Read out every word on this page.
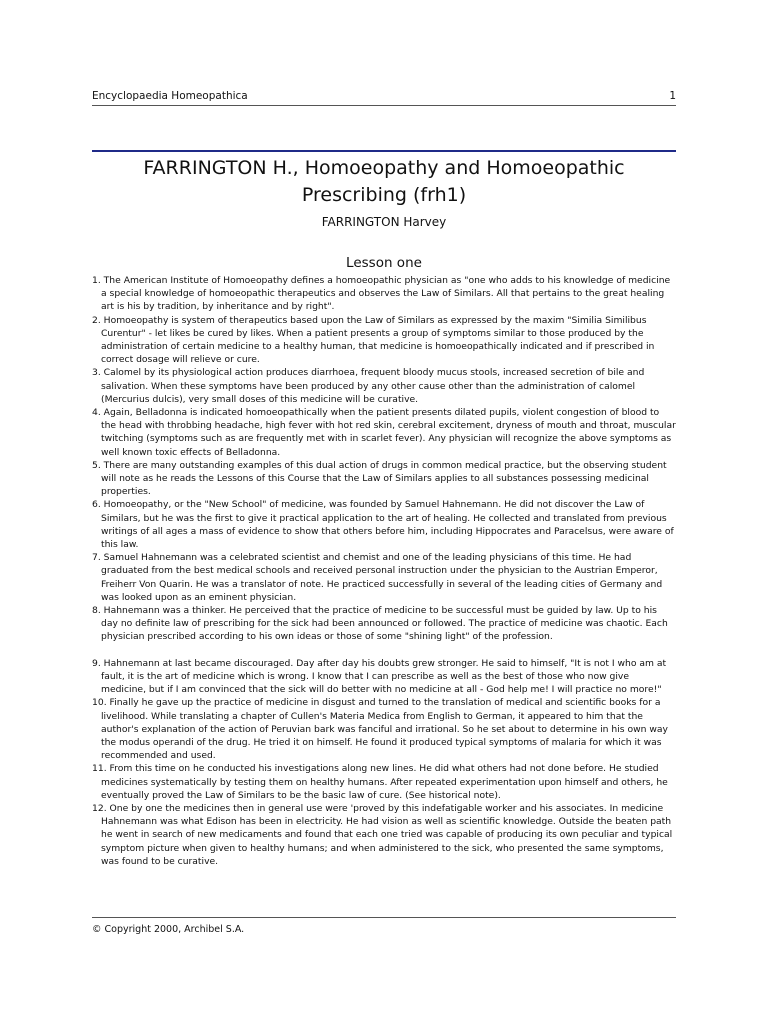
Encyclopaedia Homeopathica	1
FARRINGTON H., Homoeopathy and Homoeopathic Prescribing (frh1)
FARRINGTON Harvey
Lesson one

1. The American Institute of Homoeopathy defines a homoeopathic physician as "one who adds to his knowledge of medicine a special knowledge of homoeopathic therapeutics and observes the Law of Similars. All that pertains to the great healing art is his by tradition, by inheritance and by right".

2. Homoeopathy is system of therapeutics based upon the Law of Similars as expressed by the maxim "Similia Similibus Curentur" - let likes be cured by likes. When a patient presents a group of symptoms similar to those produced by the administration of certain medicine to a healthy human, that medicine is homoeopathically indicated and if prescribed in correct dosage will relieve or cure.

3. Calomel by its physiological action produces diarrhoea, frequent bloody mucus stools, increased secretion of bile and salivation. When these symptoms have been produced by any other cause other than the administration of calomel (Mercurius dulcis), very small doses of this medicine will be curative.

4. Again, Belladonna is indicated homoeopathically when the patient presents dilated pupils, violent congestion of blood to the head with throbbing headache, high fever with hot red skin, cerebral excitement, dryness of mouth and throat, muscular twitching (symptoms such as are frequently met with in scarlet fever). Any physician will recognize the above symptoms as well known toxic effects of Belladonna.

5. There are many outstanding examples of this dual action of drugs in common medical practice, but the observing student will note as he reads the Lessons of this Course that the Law of Similars applies to all substances possessing medicinal properties.

6. Homoeopathy, or the "New School" of medicine, was founded by Samuel Hahnemann. He did not discover the Law of Similars, but he was the first to give it practical application to the art of healing. He collected and translated from previous writings of all ages a mass of evidence to show that others before him, including Hippocrates and Paracelsus, were aware of this law.

7. Samuel Hahnemann was a celebrated scientist and chemist and one of the leading physicians of this time. He had graduated from the best medical schools and received personal instruction under the physician to the Austrian Emperor, Freiherr Von Quarin. He was a translator of note. He practiced successfully in several of the leading cities of Germany and was looked upon as an eminent physician.

8. Hahnemann was a thinker. He perceived that the practice of medicine to be successful must be guided by law. Up to his day no definite law of prescribing for the sick had been announced or followed. The practice of medicine was chaotic. Each physician prescribed according to his own ideas or those of some "shining light" of the profession.

9. Hahnemann at last became discouraged. Day after day his doubts grew stronger. He said to himself, "It is not I who am at fault, it is the art of medicine which is wrong. I know that I can prescribe as well as the best of those who now give medicine, but if I am convinced that the sick will do better with no medicine at all - God help me! I will practice no more!"

10. Finally he gave up the practice of medicine in disgust and turned to the translation of medical and scientific books for a livelihood. While translating a chapter of Cullen's Materia Medica from English to German, it appeared to him that the author's explanation of the action of Peruvian bark was fanciful and irrational. So he set about to determine in his own way the modus operandi of the drug. He tried it on himself. He found it produced typical symptoms of malaria for which it was recommended and used.

11. From this time on he conducted his investigations along new lines. He did what others had not done before. He studied medicines systematically by testing them on healthy humans. After repeated experimentation upon himself and others, he eventually proved the Law of Similars to be the basic law of cure. (See historical note).

12. One by one the medicines then in general use were 'proved by this indefatigable worker and his associates. In medicine Hahnemann was what Edison has been in electricity. He had vision as well as scientific knowledge. Outside the beaten path he went in search of new medicaments and found that each one tried was capable of producing its own peculiar and typical symptom picture when given to healthy humans; and when administered to the sick, who presented the same symptoms, was found to be curative.

© Copyright 2000, Archibel S.A.
